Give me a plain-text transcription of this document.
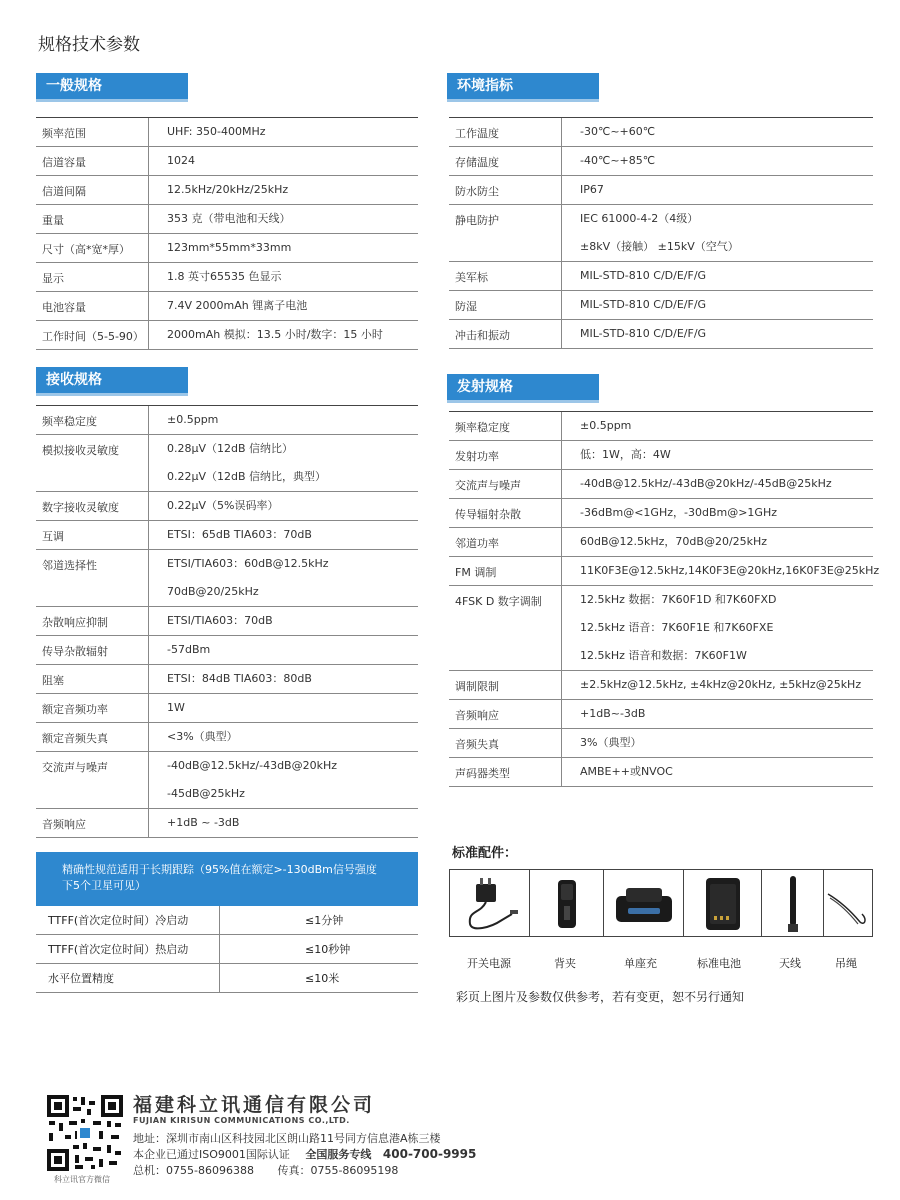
规格技术参数
一般规格
接收规格
环境指标
发射规格
频率范围	UHF: 350-400MHz
信道容量	1024
信道间隔	12.5kHz/20kHz/25kHz
重量	353 克（带电池和天线）
尺寸（高*宽*厚）	123mm*55mm*33mm
显示	1.8 英寸65535 色显示
电池容量	7.4V 2000mAh 锂离子电池
工作时间（5-5-90）	2000mAh 模拟：13.5 小时/数字：15 小时
频率稳定度	±0.5ppm
模拟接收灵敏度	0.28μV（12dB 信纳比）
0.22μV（12dB 信纳比，典型）
数字接收灵敏度	0.22μV（5%误码率）
互调	ETSI：65dB TIA603：70dB
邻道选择性	ETSI/TIA603：60dB@12.5kHz
70dB@20/25kHz
杂散响应抑制	ETSI/TIA603：70dB
传导杂散辐射	-57dBm
阻塞	ETSI：84dB TIA603：80dB
额定音频功率	1W
额定音频失真	<3%（典型）
交流声与噪声	-40dB@12.5kHz/-43dB@20kHz
-45dB@25kHz
音频响应	+1dB ~ -3dB
工作温度	-30℃~+60℃
存储温度	-40℃~+85℃
防水防尘	IP67
静电防护	IEC 61000-4-2（4级）
±8kV（接触） ±15kV（空气）
美军标	MIL-STD-810 C/D/E/F/G
防湿	MIL-STD-810 C/D/E/F/G
冲击和振动	MIL-STD-810 C/D/E/F/G
频率稳定度	±0.5ppm
发射功率	低：1W，高：4W
交流声与噪声	-40dB@12.5kHz/-43dB@20kHz/-45dB@25kHz
传导辐射杂散	-36dBm@<1GHz，-30dBm@>1GHz
邻道功率	60dB@12.5kHz，70dB@20/25kHz
FM 调制	11K0F3E@12.5kHz,14K0F3E@20kHz,16K0F3E@25kHz
4FSK D 数字调制	12.5kHz 数据：7K60F1D 和7K60FXD
12.5kHz 语音：7K60F1E 和7K60FXE
12.5kHz 语音和数据：7K60F1W
调制限制	±2.5kHz@12.5kHz, ±4kHz@20kHz, ±5kHz@25kHz
音频响应	+1dB~-3dB
音频失真	3%（典型）
声码器类型	AMBE++或NVOC
精确性规范适用于长期跟踪（95%值在额定>-130dBm信号强度
下5个卫星可见）
TTFF(首次定位时间）冷启动	≤1分钟
TTFF(首次定位时间）热启动	≤10秒钟
水平位置精度	≤10米
标准配件：
开关电源	背夹	单座充	标准电池	天线	吊绳
彩页上图片及参数仅供参考，若有变更，恕不另行通知
科立讯官方微信
福建科立讯通信有限公司
FUJIAN KIRISUN COMMUNICATIONS CO.,LTD.
地址：深圳市南山区科技园北区朗山路11号同方信息港A栋三楼
本企业已通过ISO9001国际认证 全国服务专线 400-700-9995
总机：0755-86096388 传真：0755-86095198
